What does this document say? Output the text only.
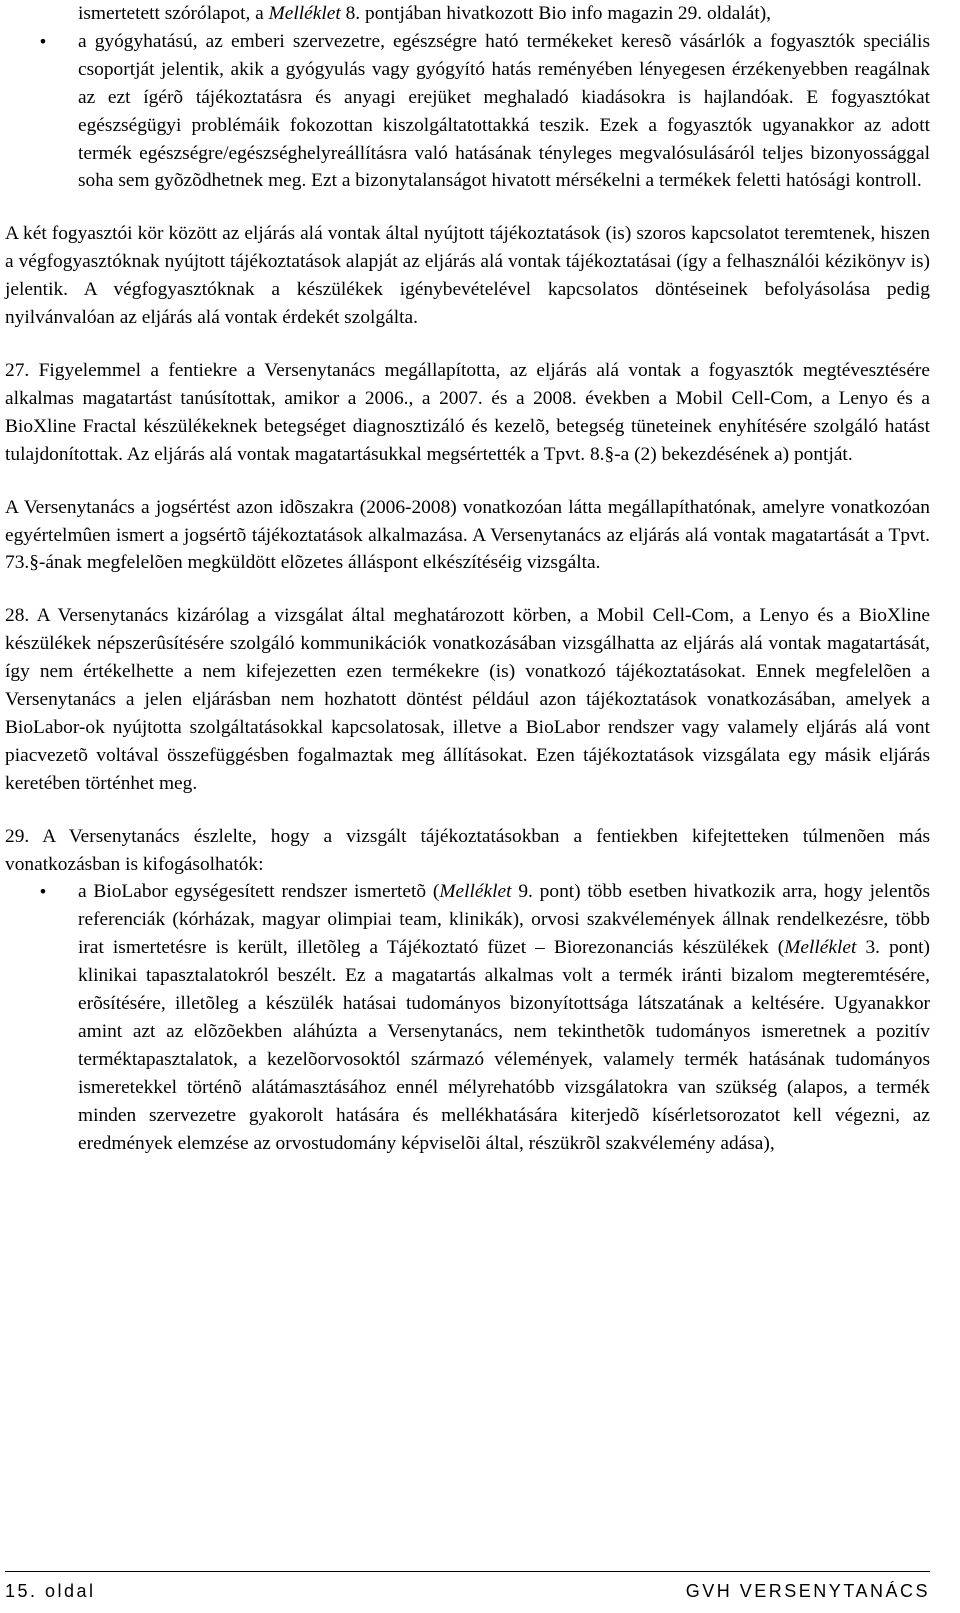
ismertetett szórólapot, a Melléklet 8. pontjában hivatkozott Bio info magazin 29. oldalát),
•
a gyógyhatású, az emberi szervezetre, egészségre ható termékeket keresõ vásárlók a fogyasztók speciális csoportját jelentik, akik a gyógyulás vagy gyógyító hatás reményében lényegesen érzékenyebben reagálnak az ezt ígérõ tájékoztatásra és anyagi erejüket meghaladó kiadásokra is hajlandóak. E fogyasztókat egészségügyi problémáik fokozottan kiszolgáltatottakká teszik. Ezek a fogyasztók ugyanakkor az adott termék egészségre/egészséghelyreállításra való hatásának tényleges megvalósulásáról teljes bizonyossággal soha sem gyõzõdhetnek meg. Ezt a bizonytalanságot hivatott mérsékelni a termékek feletti hatósági kontroll.

A két fogyasztói kör között az eljárás alá vontak által nyújtott tájékoztatások (is) szoros kapcsolatot teremtenek, hiszen a végfogyasztóknak nyújtott tájékoztatások alapját az eljárás alá vontak tájékoztatásai (így a felhasználói kézikönyv is) jelentik. A végfogyasztóknak a készülékek igénybevételével kapcsolatos döntéseinek befolyásolása pedig nyilvánvalóan az eljárás alá vontak érdekét szolgálta.

27. Figyelemmel a fentiekre a Versenytanács megállapította, az eljárás alá vontak a fogyasztók megtévesztésére alkalmas magatartást tanúsítottak, amikor a 2006., a 2007. és a 2008. években a Mobil Cell-Com, a Lenyo és a BioXline Fractal készülékeknek betegséget diagnosztizáló és kezelõ, betegség tüneteinek enyhítésére szolgáló hatást tulajdonítottak. Az eljárás alá vontak magatartásukkal megsértették a Tpvt. 8.§-a (2) bekezdésének a) pontját.

A Versenytanács a jogsértést azon idõszakra (2006-2008) vonatkozóan látta megállapíthatónak, amelyre vonatkozóan egyértelmûen ismert a jogsértõ tájékoztatások alkalmazása. A Versenytanács az eljárás alá vontak magatartását a Tpvt. 73.§-ának megfelelõen megküldött elõzetes álláspont elkészítéséig vizsgálta.

28. A Versenytanács kizárólag a vizsgálat által meghatározott körben, a Mobil Cell-Com, a Lenyo és a BioXline készülékek népszerûsítésére szolgáló kommunikációk vonatkozásában vizsgálhatta az eljárás alá vontak magatartását, így nem értékelhette a nem kifejezetten ezen termékekre (is) vonatkozó tájékoztatásokat. Ennek megfelelõen a Versenytanács a jelen eljárásban nem hozhatott döntést például azon tájékoztatások vonatkozásában, amelyek a BioLabor-ok nyújtotta szolgáltatásokkal kapcsolatosak, illetve a BioLabor rendszer vagy valamely eljárás alá vont piacvezetõ voltával összefüggésben fogalmaztak meg állításokat. Ezen tájékoztatások vizsgálata egy másik eljárás keretében történhet meg.

29. A Versenytanács észlelte, hogy a vizsgált tájékoztatásokban a fentiekben kifejtetteken túlmenõen más vonatkozásban is kifogásolhatók:

•
a BioLabor egységesített rendszer ismertetõ (Melléklet 9. pont) több esetben hivatkozik arra, hogy jelentõs referenciák (kórházak, magyar olimpiai team, klinikák), orvosi szakvélemények állnak rendelkezésre, több irat ismertetésre is került, illetõleg a Tájékoztató füzet – Biorezonanciás készülékek (Melléklet 3. pont) klinikai tapasztalatokról beszélt. Ez a magatartás alkalmas volt a termék iránti bizalom megteremtésére, erõsítésére, illetõleg a készülék hatásai tudományos bizonyítottsága látszatának a keltésére. Ugyanakkor amint azt az elõzõekben aláhúzta a Versenytanács, nem tekinthetõk tudományos ismeretnek a pozitív terméktapasztalatok, a kezelõorvosoktól származó vélemények, valamely termék hatásának tudományos ismeretekkel történõ alátámasztásához ennél mélyrehatóbb vizsgálatokra van szükség (alapos, a termék minden szervezetre gyakorolt hatására és mellékhatására kiterjedõ kísérletsorozatot kell végezni, az eredmények elemzése az orvostudomány képviselõi által, részükrõl szakvélemény adása),
15. oldal	GVH VERSENYTANÁCS
